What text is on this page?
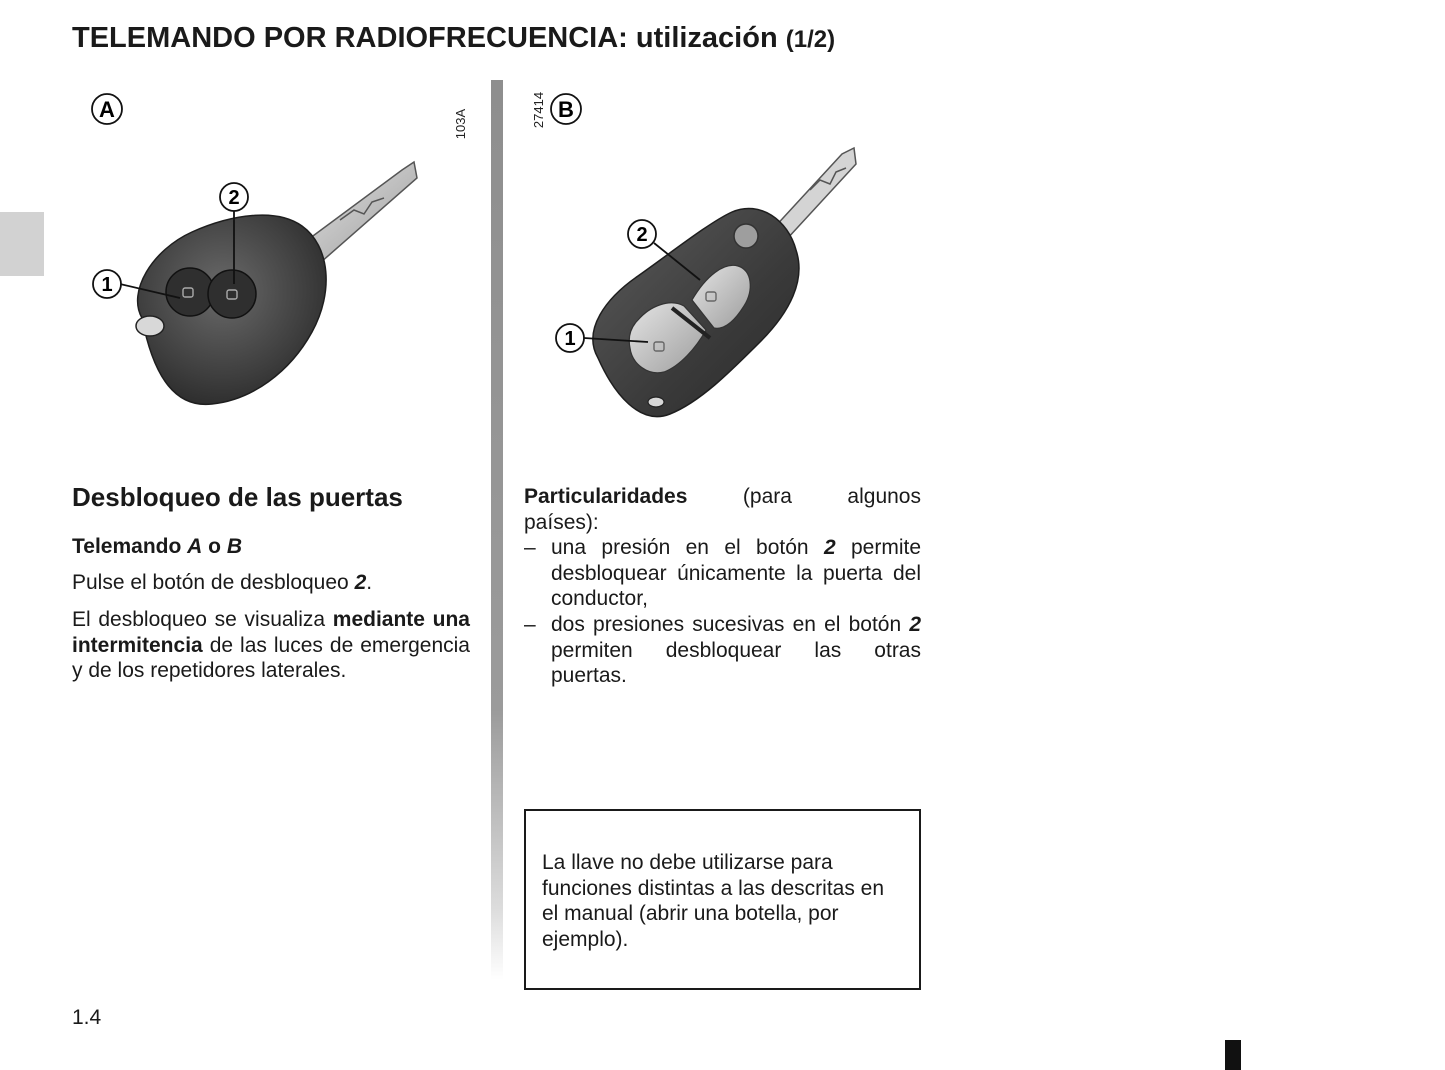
TELEMANDO POR RADIOFRECUENCIA: utilización (1/2)
1
2
A	103A
1
2
B
27414
Desbloqueo de las puertas
Telemando A o B
Pulse el botón de desbloqueo 2.
El desbloqueo se visualiza mediante una intermitencia de las luces de emergencia y de los repetidores laterales.
Particularidades (para algunos
países):
– una presión en el botón 2 permite desbloquear únicamente la puerta del conductor,
– dos presiones sucesivas en el botón 2 permiten desbloquear las otras puertas.
La llave no debe utilizarse para funciones distintas a las descritas en el manual (abrir una botella, por ejemplo).
1.4
